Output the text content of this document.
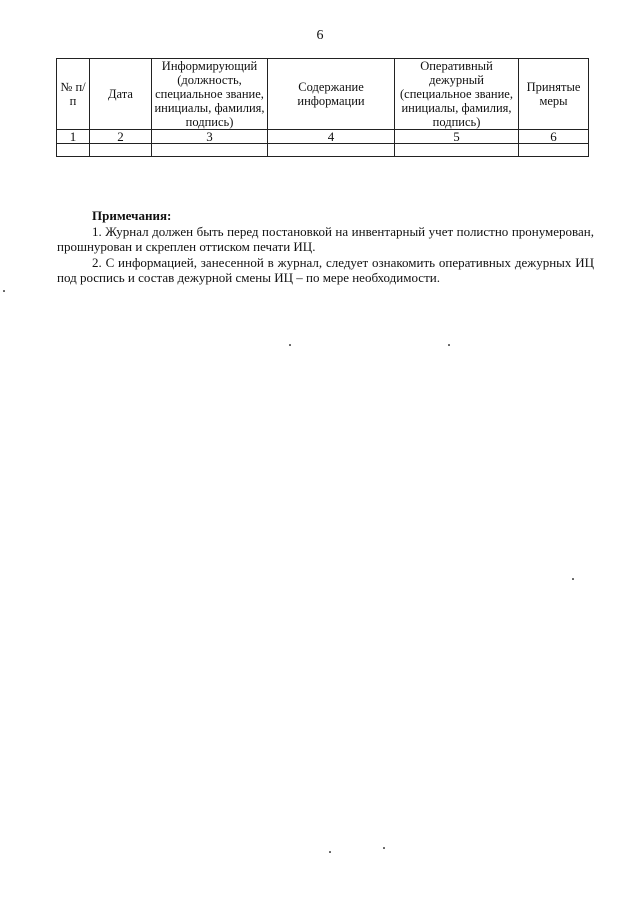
6
№ п/п	Дата	Информирующий (должность, специальное звание, инициалы, фамилия, подпись)	Содержание информации	Оперативный дежурный (специальное звание, инициалы, фамилия, подпись)	Принятые меры
1	2	3	4	5	6

Примечания:

1. Журнал должен быть перед постановкой на инвентарный учет полистно пронумерован, прошнурован и скреплен оттиском печати ИЦ.

2. С информацией, занесенной в журнал, следует ознакомить оперативных дежурных ИЦ под роспись и состав дежурной смены ИЦ – по мере необходимости.
